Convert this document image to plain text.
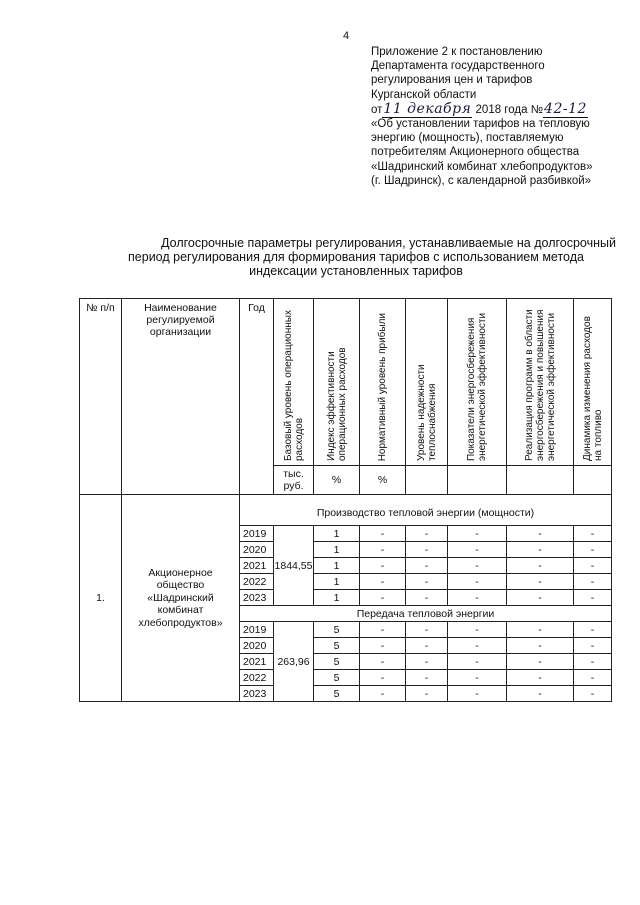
4
Приложение 2 к постановлению
Департамента государственного
регулирования цен и тарифов
Курганской области
от11 декабря 2018 года №42-12
«Об установлении тарифов на тепловую
энергию (мощность), поставляемую
потребителям Акционерного общества
«Шадринский комбинат хлебопродуктов»
(г. Шадринск), с календарной разбивкой»
Долгосрочные параметры регулирования, устанавливаемые на долгосрочный
период регулирования для формирования тарифов с использованием метода
индексации установленных тарифов
№ п/п	Наименование регулируемой организации	Год	Базовый уровень операционных расходов	Индекс эффективности операционных расходов	Нормативный уровень прибыли	Уровень надежности теплоснабжения	Показатели энергосбережения энергетической эффективности	Реализация программ в области энергосбережения и повышения энергетической эффективности	Динамика изменения расходов на топливо

			тыс. руб.	%	%				
1.	Акционерное общество «Шадринский комбинат хлебопродуктов»	Производство тепловой энергии (мощности)							
		2019	1844,55	1	-	-	-	-	-
		2020		1	-	-	-	-	-
		2021		1	-	-	-	-	-
		2022		1	-	-	-	-	-
		2023		1	-	-	-	-	-
		Передача тепловой энергии							
		2019	263,96	5	-	-	-	-	-
		2020		5	-	-	-	-	-
		2021		5	-	-	-	-	-
		2022		5	-	-	-	-	-
		2023		5	-	-	-	-	-
